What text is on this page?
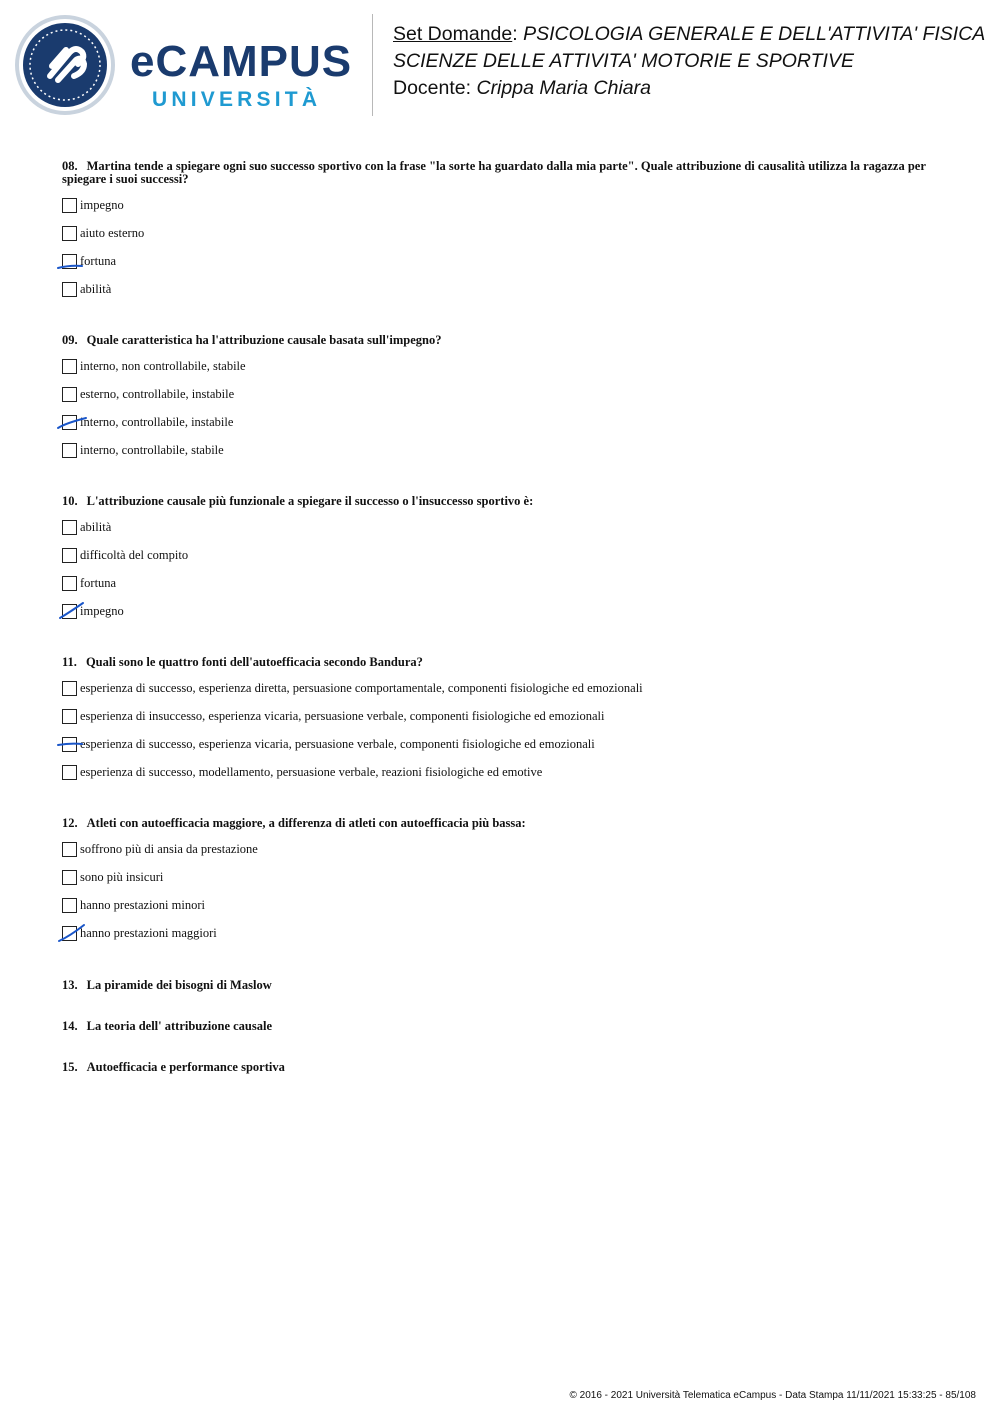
eCAMPUS
UNIVERSITÀ
Set Domande: PSICOLOGIA GENERALE E DELL'ATTIVITA' FISICA
SCIENZE DELLE ATTIVITA' MOTORIE E SPORTIVE
Docente: Crippa Maria Chiara

08. Martina tende a spiegare ogni suo successo sportivo con la frase "la sorte ha guardato dalla mia parte". Quale attribuzione di causalità utilizza la ragazza per spiegare i suoi successi?

impegno
aiuto esterno
fortuna
abilità

09. Quale caratteristica ha l'attribuzione causale basata sull'impegno?

interno, non controllabile, stabile
esterno, controllabile, instabile
interno, controllabile, instabile
interno, controllabile, stabile

10. L'attribuzione causale più funzionale a spiegare il successo o l'insuccesso sportivo è:

abilità
difficoltà del compito
fortuna
impegno

11. Quali sono le quattro fonti dell'autoefficacia secondo Bandura?

esperienza di successo, esperienza diretta, persuasione comportamentale, componenti fisiologiche ed emozionali
esperienza di insuccesso, esperienza vicaria, persuasione verbale, componenti fisiologiche ed emozionali
esperienza di successo, esperienza vicaria, persuasione verbale, componenti fisiologiche ed emozionali
esperienza di successo, modellamento, persuasione verbale, reazioni fisiologiche ed emotive

12. Atleti con autoefficacia maggiore, a differenza di atleti con autoefficacia più bassa:

soffrono più di ansia da prestazione
sono più insicuri
hanno prestazioni minori
hanno prestazioni maggiori
13. La piramide dei bisogni di Maslow
14. La teoria dell' attribuzione causale
15. Autoefficacia e performance sportiva
© 2016 - 2021 Università Telematica eCampus - Data Stampa 11/11/2021 15:33:25 - 85/108
